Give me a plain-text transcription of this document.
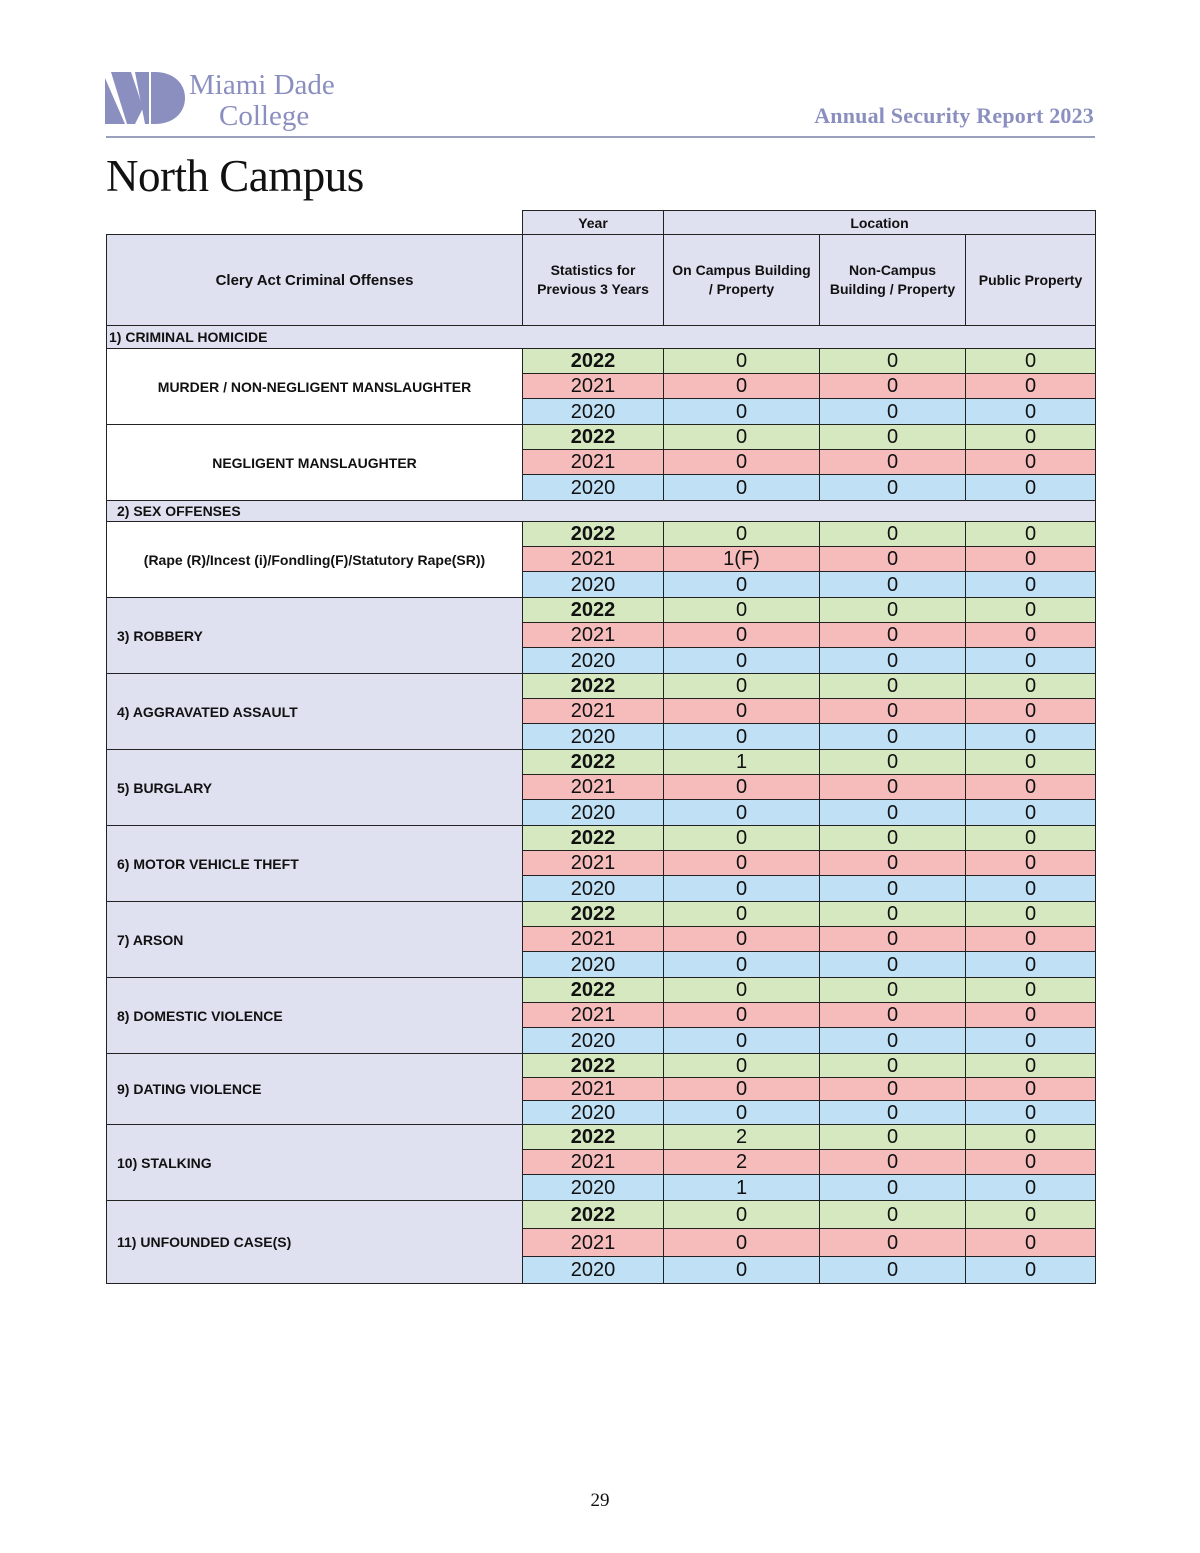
Miami Dade
College	Annual Security Report 2023
North Campus
	Year	Location		
Clery Act Criminal Offenses	Statistics for Previous 3 Years	On Campus Building / Property	Non-Campus Building / Property	Public Property
1) CRIMINAL HOMICIDE				
MURDER / NON-NEGLIGENT MANSLAUGHTER	2022	0	0	0
	2021	0	0	0
	2020	0	0	0
NEGLIGENT MANSLAUGHTER	2022	0	0	0
	2021	0	0	0
	2020	0	0	0
2) SEX OFFENSES				
(Rape (R)/Incest (i)/Fondling(F)/Statutory Rape(SR))	2022	0	0	0
	2021	1(F)	0	0
	2020	0	0	0
3) ROBBERY	2022	0	0	0
	2021	0	0	0
	2020	0	0	0
4) AGGRAVATED ASSAULT	2022	0	0	0
	2021	0	0	0
	2020	0	0	0
5) BURGLARY	2022	1	0	0
	2021	0	0	0
	2020	0	0	0
6) MOTOR VEHICLE THEFT	2022	0	0	0
	2021	0	0	0
	2020	0	0	0
7) ARSON	2022	0	0	0
	2021	0	0	0
	2020	0	0	0
8) DOMESTIC VIOLENCE	2022	0	0	0
	2021	0	0	0
	2020	0	0	0
9) DATING VIOLENCE	2022	0	0	0
	2021	0	0	0
	2020	0	0	0
10) STALKING	2022	2	0	0
	2021	2	0	0
	2020	1	0	0
11) UNFOUNDED CASE(S)	2022	0	0	0
	2021	0	0	0
	2020	0	0	0
29
